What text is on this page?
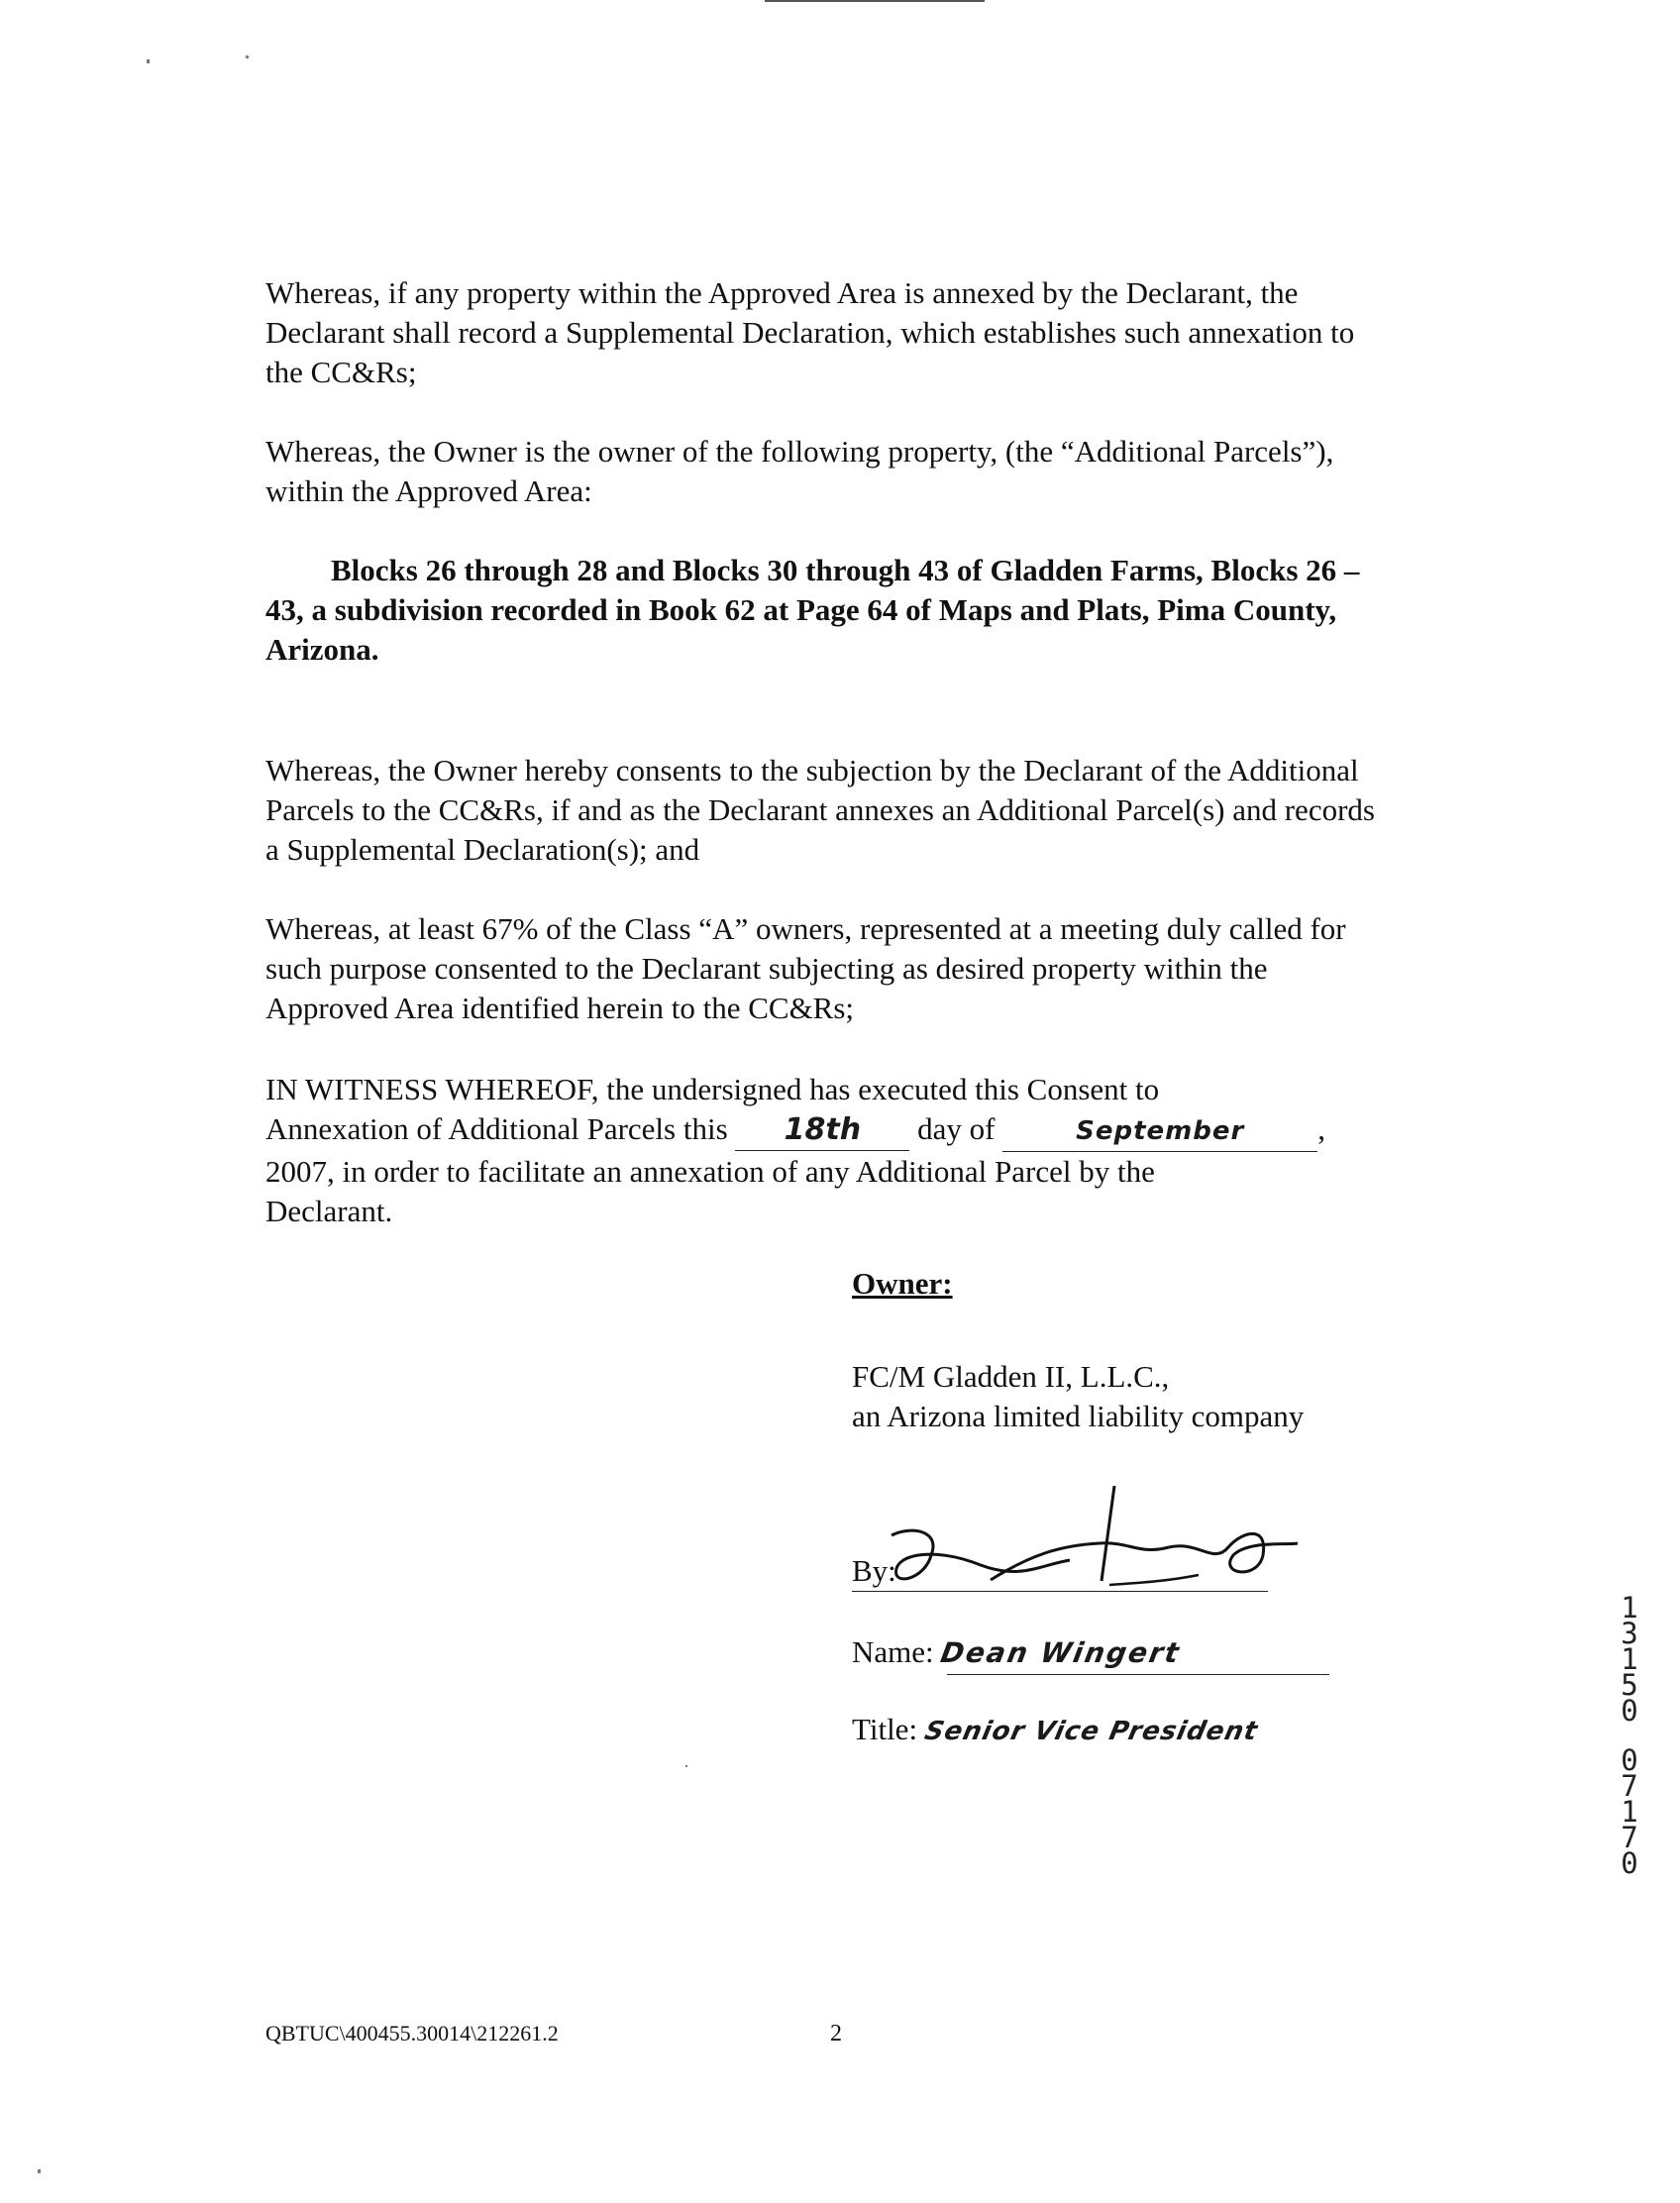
Whereas, if any property within the Approved Area is annexed by the Declarant, the Declarant shall record a Supplemental Declaration, which establishes such annexation to the CC&Rs;

Whereas, the Owner is the owner of the following property, (the “Additional Parcels”), within the Approved Area:

Blocks 26 through 28 and Blocks 30 through 43 of Gladden Farms, Blocks 26 – 43, a subdivision recorded in Book 62 at Page 64 of Maps and Plats, Pima County, Arizona.

Whereas, the Owner hereby consents to the subjection by the Declarant of the Additional Parcels to the CC&Rs, if and as the Declarant annexes an Additional Parcel(s) and records a Supplemental Declaration(s); and

Whereas, at least 67% of the Class “A” owners, represented at a meeting duly called for such purpose consented to the Declarant subjecting as desired property within the Approved Area identified herein to the CC&Rs;

IN WITNESS WHEREOF, the undersigned has executed this Consent to

Annexation of Additional Parcels this 18th day of	September ,

2007, in order to facilitate an annexation of any Additional Parcel by the

Declarant.

Owner:
FC/M Gladden II, L.L.C.,
an Arizona limited liability company
By:
Name: Dean Wingert
Title: Senior Vice President
1
3
1
5
0
0
7
1
7
0
QBTUC\400455.30014\212261.2	2
